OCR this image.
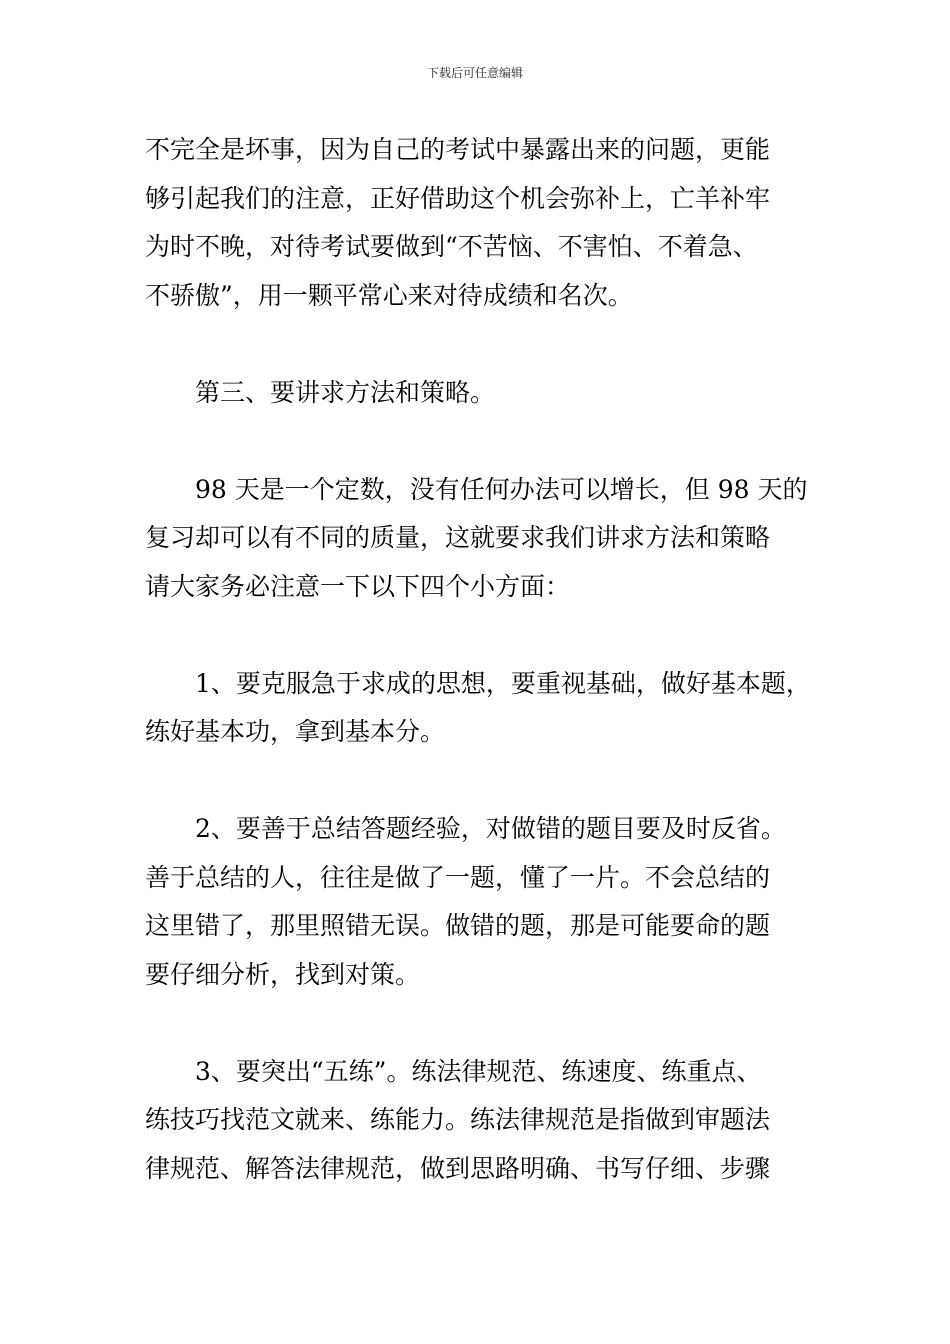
下载后可任意编辑
不完全是坏事，因为自己的考试中暴露出来的问题，更能
够引起我们的注意，正好借助这个机会弥补上，亡羊补牢
为时不晚，对待考试要做到“不苦恼、不害怕、不着急、
不骄傲”，用一颗平常心来对待成绩和名次。
第三、要讲求方法和策略。
98 天是一个定数，没有任何办法可以增长，但 98 天的
复习却可以有不同的质量，这就要求我们讲求方法和策略
请大家务必注意一下以下四个小方面：
1、要克服急于求成的思想，要重视基础，做好基本题，
练好基本功，拿到基本分。
2、要善于总结答题经验，对做错的题目要及时反省。
善于总结的人，往往是做了一题，懂了一片。不会总结的
这里错了，那里照错无误。做错的题，那是可能要命的题
要仔细分析，找到对策。
3、要突出“五练”。练法律规范、练速度、练重点、
练技巧找范文就来、练能力。练法律规范是指做到审题法
律规范、解答法律规范，做到思路明确、书写仔细、步骤
